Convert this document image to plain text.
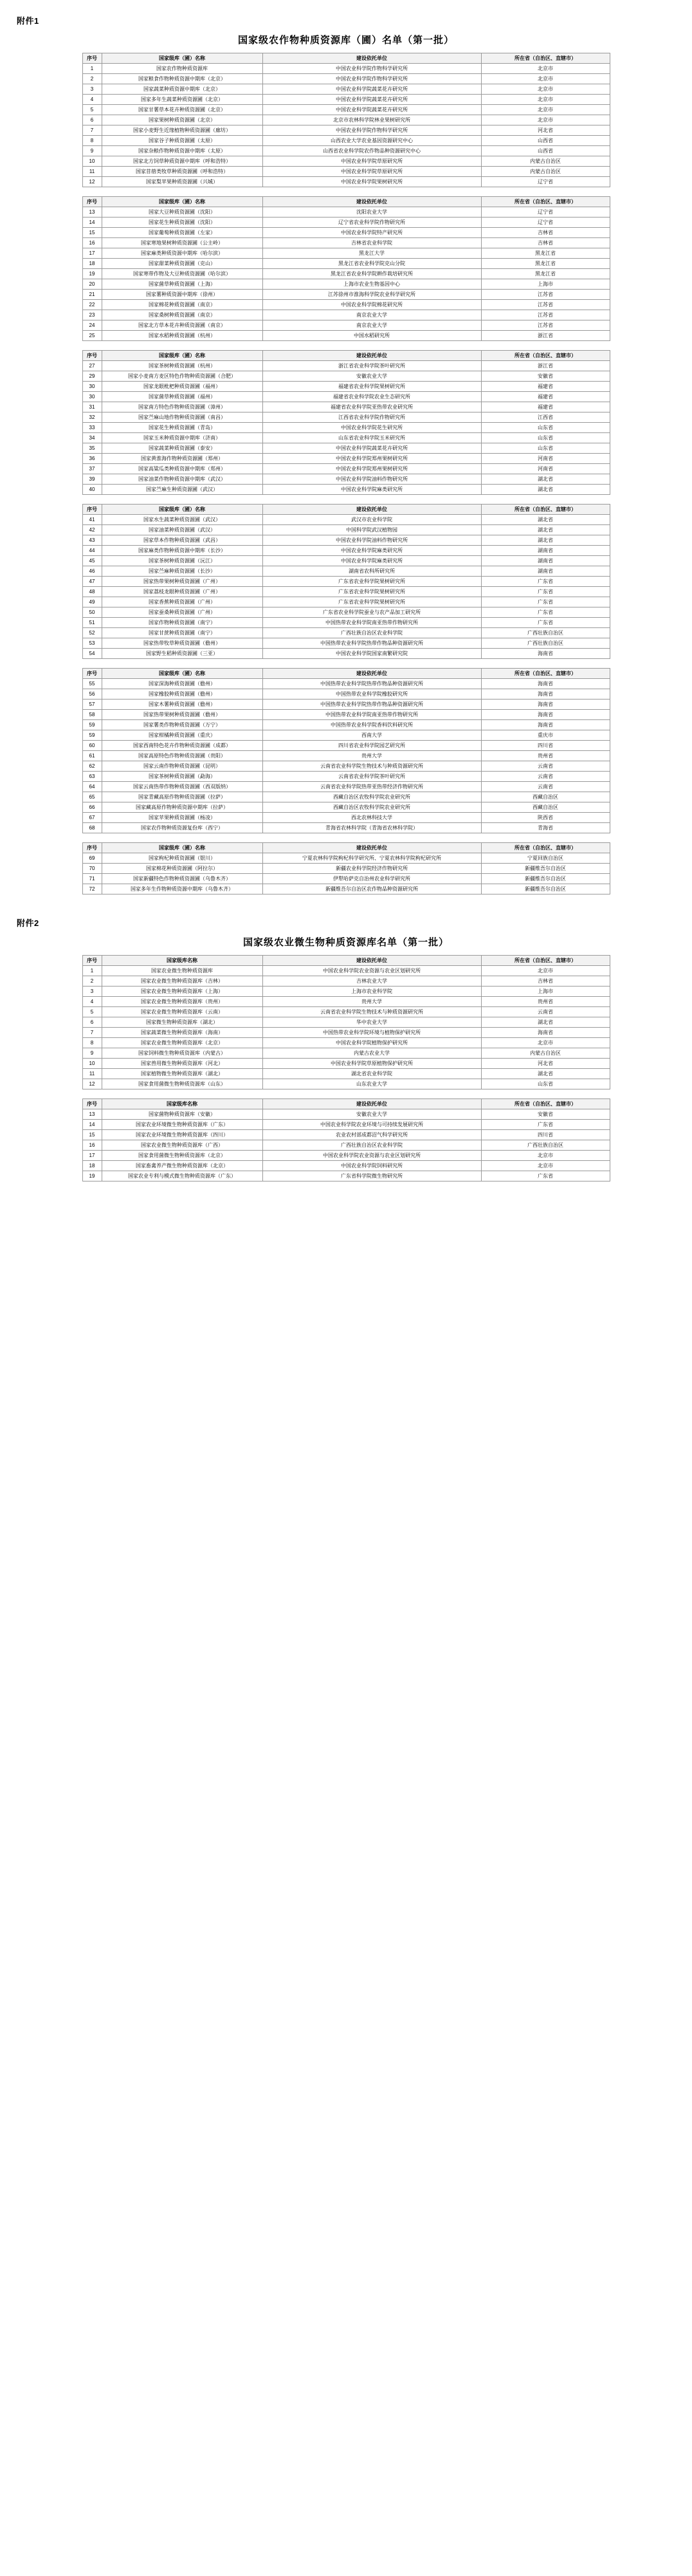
附件1
国家级农作物种质资源库（圃）名单（第一批）
序号	国家级库（圃）名称	建设依托单位	所在省（自治区、直辖市）
1	国家农作物种质资源库	中国农业科学院作物科学研究所	北京市
2	国家粮食作物种质资源中期库（北京）	中国农业科学院作物科学研究所	北京市
3	国家蔬菜种质资源中期库（北京）	中国农业科学院蔬菜花卉研究所	北京市
4	国家多年生蔬菜种质资源圃（北京）	中国农业科学院蔬菜花卉研究所	北京市
5	国家甘薯草本花卉种质资源圃（北京）	中国农业科学院蔬菜花卉研究所	北京市
6	国家果树种质资源圃（北京）	北京市农林科学院林业果树研究所	北京市
7	国家小麦野生近缘植物种质资源圃（廊坊）	中国农业科学院作物科学研究所	河北省
8	国家谷子种质资源圃（太原）	山西农业大学农业基因资源研究中心	山西省
9	国家杂粮作物种质资源中期库（太原）	山西省农业科学院农作物品种资源研究中心	山西省
10	国家北方饲草种质资源中期库（呼和浩特）	中国农业科学院草原研究所	内蒙古自治区
11	国家苜蓿类牧草种质资源圃（呼和浩特）	中国农业科学院草原研究所	内蒙古自治区
12	国家梨苹果种质资源圃（兴城）	中国农业科学院果树研究所	辽宁省
序号	国家级库（圃）名称	建设依托单位	所在省（自治区、直辖市）
13	国家大豆种质资源圃（沈阳）	沈阳农业大学	辽宁省
14	国家花生种质资源圃（沈阳）	辽宁省农业科学院作物研究所	辽宁省
15	国家葡萄种质资源圃（左家）	中国农业科学院特产研究所	吉林省
16	国家寒地果树种质资源圃（公主岭）	吉林省农业科学院	吉林省
17	国家麻类种质资源中期库（哈尔滨）	黑龙江大学	黑龙江省
18	国家甜菜种质资源圃（克山）	黑龙江省农业科学院克山分院	黑龙江省
19	国家寒带作物及大豆种质资源圃（哈尔滨）	黑龙江省农业科学院耕作栽培研究所	黑龙江省
20	国家菌草种质资源圃（上海）	上海市农业生物基因中心	上海市
21	国家薯种质资源中期库（徐州）	江苏徐州市淮海科学院农业科学研究所	江苏省
22	国家棉花种质资源圃（南京）	中国农业科学院棉花研究所	江苏省
23	国家桑树种质资源圃（南京）	南京农业大学	江苏省
24	国家北方草本花卉种质资源圃（南京）	南京农业大学	江苏省
25	国家水稻种质资源圃（杭州）	中国水稻研究所	浙江省
序号	国家级库（圃）名称	建设依托单位	所在省（自治区、直辖市）
27	国家茶树种质资源圃（杭州）	浙江省农业科学院茶叶研究所	浙江省
29	国家小麦南方麦区特色作物种质资源圃（合肥）	安徽农业大学	安徽省
30	国家龙眼枇杷种质资源圃（福州）	福建省农业科学院果树研究所	福建省
30	国家菌草种质资源圃（福州）	福建省农业科学院农业生态研究所	福建省
31	国家南方特色作物种质资源圃（漳州）	福建省农业科学院亚热带农业研究所	福建省
32	国家苎麻山地作物种质资源圃（南昌）	江西省农业科学院作物研究所	江西省
33	国家花生种质资源圃（青岛）	中国农业科学院花生研究所	山东省
34	国家玉米种质资源中期库（济南）	山东省农业科学院玉米研究所	山东省
35	国家蔬菜种质资源圃（泰安）	中国农业科学院蔬菜花卉研究所	山东省
36	国家黄淮海作物种质资源圃（郑州）	中国农业科学院郑州果树研究所	河南省
37	国家高粱瓜类种质资源中期库（郑州）	中国农业科学院郑州果树研究所	河南省
39	国家油菜作物种质资源中期库（武汉）	中国农业科学院油料作物研究所	湖北省
40	国家苎麻生种质资源圃（武汉）	中国农业科学院麻类研究所	湖北省
序号	国家级库（圃）名称	建设依托单位	所在省（自治区、直辖市）
41	国家水生蔬菜种质资源圃（武汉）	武汉市农业科学院	湖北省
42	国家油菜种质资源圃（武汉）	中国科学院武汉植物园	湖北省
43	国家草本作物种质资源圃（武昌）	中国农业科学院油料作物研究所	湖北省
44	国家麻类作物种质资源中期库（长沙）	中国农业科学院麻类研究所	湖南省
45	国家茶树种质资源圃（沅江）	中国农业科学院麻类研究所	湖南省
46	国家苎麻种质资源圃（长沙）	湖南省农科所研究所	湖南省
47	国家热带果树种质资源圃（广州）	广东省农业科学院果树研究所	广东省
48	国家荔枝龙眼种质资源圃（广州）	广东省农业科学院果树研究所	广东省
49	国家香蕉种质资源圃（广州）	广东省农业科学院果树研究所	广东省
50	国家蚕桑种质资源圃（广州）	广东省农业科学院蚕业与农产品加工研究所	广东省
51	国家作物种质资源圃（南宁）	中国热带农业科学院南亚热带作物研究所	广东省
52	国家甘蔗种质资源圃（南宁）	广西壮族自治区农业科学院	广西壮族自治区
53	国家热带牧草种质资源圃（儋州）	中国热带农业科学院热带作物品种资源研究所	广西壮族自治区
54	国家野生稻种质资源圃（三亚）	中国农业科学院国家南繁研究院	海南省
序号	国家级库（圃）名称	建设依托单位	所在省（自治区、直辖市）
55	国家深海种质资源圃（儋州）	中国热带农业科学院热带作物品种资源研究所	海南省
56	国家橡胶种质资源圃（儋州）	中国热带农业科学院橡胶研究所	海南省
57	国家木薯种质资源圃（儋州）	中国热带农业科学院热带作物品种资源研究所	海南省
58	国家热带果树种质资源圃（儋州）	中国热带农业科学院南亚热带作物研究所	海南省
59	国家薯类作物种质资源圃（万宁）	中国热带农业科学院香料饮料研究所	海南省
59	国家柑橘种质资源圃（重庆）	西南大学	重庆市
60	国家西南特色花卉作物种质资源圃（成都）	四川省农业科学院园艺研究所	四川省
61	国家高原特色作物种质资源圃（贵阳）	贵州大学	贵州省
62	国家云南作物种质资源圃（昆明）	云南省农业科学院生物技术与种质资源研究所	云南省
63	国家茶树种质资源圃（勐海）	云南省农业科学院茶叶研究所	云南省
64	国家云南热带作物种质资源圃（西双版纳）	云南省农业科学院热带亚热带经济作物研究所	云南省
65	国家青藏高原作物种质资源圃（拉萨）	西藏自治区农牧科学院农业研究所	西藏自治区
66	国家藏高原作物种质资源中期库（拉萨）	西藏自治区农牧科学院农业研究所	西藏自治区
67	国家苹果种质资源圃（杨凌）	西北农林科技大学	陕西省
68	国家农作物种质资源复份库（西宁）	青海省农林科学院（青海省农林科学院）	青海省
序号	国家级库（圃）名称	建设依托单位	所在省（自治区、直辖市）
69	国家枸杞种质资源圃（银川）	宁夏农林科学院枸杞科学研究所、宁夏农林科学院枸杞研究所	宁夏回族自治区
70	国家棉花种质资源圃（阿拉尔）	新疆农业科学院经济作物研究所	新疆维吾尔自治区
71	国家新疆特色作物种质资源圃（乌鲁木齐）	伊犁哈萨克自治州农业科学研究所	新疆维吾尔自治区
72	国家多年生作物种质资源中期库（乌鲁木齐）	新疆维吾尔自治区农作物品种资源研究所	新疆维吾尔自治区
附件2
国家级农业微生物种质资源库名单（第一批）
序号	国家级库名称	建设依托单位	所在省（自治区、直辖市）
1	国家农业微生物种质资源库	中国农业科学院农业资源与农业区划研究所	北京市
2	国家农业微生物种质资源库（吉林）	吉林农业大学	吉林省
3	国家农业微生物种质资源库（上海）	上海市农业科学院	上海市
4	国家农业微生物种质资源库（贵州）	贵州大学	贵州省
5	国家农业微生物种质资源库（云南）	云南省农业科学院生物技术与种质资源研究所	云南省
6	国家微生物种质资源库（湖北）	华中农业大学	湖北省
7	国家蔬菜微生物种质资源库（海南）	中国热带农业科学院环境与植物保护研究所	海南省
8	国家农业微生物种质资源库（北京）	中国农业科学院植物保护研究所	北京市
9	国家饲料微生物种质资源库（内蒙古）	内蒙古农业大学	内蒙古自治区
10	国家兽用微生物种质资源库（河北）	中国农业科学院草原植物保护研究所	河北省
11	国家植物微生物种质资源库（湖北）	湖北省农业科学院	湖北省
12	国家食用菌微生物种质资源库（山东）	山东农业大学	山东省
序号	国家级库名称	建设依托单位	所在省（自治区、直辖市）
13	国家菌物种质资源库（安徽）	安徽农业大学	安徽省
14	国家农业环境微生物种质资源库（广东）	中国农业科学院农业环境与可持续发展研究所	广东省
15	国家农业环境微生物种质资源库（四川）	农业农村部成都沼气科学研究所	四川省
16	国家农业微生物种质资源库（广西）	广西壮族自治区农业科学院	广西壮族自治区
17	国家食用菌微生物种质资源库（北京）	中国农业科学院农业资源与农业区划研究所	北京市
18	国家畜禽养产微生物种质资源库（北京）	中国农业科学院饲料研究所	北京市
19	国家农业专利与模式微生物种质资源库（广东）	广东省科学院微生物研究所	广东省
